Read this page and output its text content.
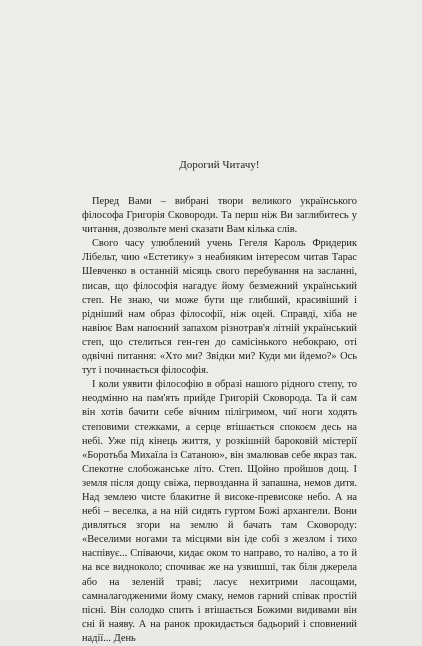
Дорогий Читачу!

Перед Вами – вибрані твори великого українського філософа Григорія Сковороди. Та перш ніж Ви заглибитесь у читання, дозвольте мені сказати Вам кілька слів.

Свого часу улюблений учень Гегеля Кароль Фридерик Лібельт, чию «Естетику» з неабияким інтересом читав Тарас Шевченко в останній місяць свого перебування на засланні, писав, що філософія нагадує йому безмежний український степ. Не знаю, чи може бути ще глибший, красивіший і рідніший нам образ філософії, ніж оцей. Справді, хіба не навіює Вам напоєний запахом різнотрав'я літній український степ, що стелиться ген-ген до самісінького небокраю, оті одвічні питання: «Хто ми? Звідки ми? Куди ми йдемо?» Ось тут і починається філософія.

І коли уявити філософію в образі нашого рідного степу, то неодмінно на пам'ять прийде Григорій Сковорода. Та й сам він хотів бачити себе вічним пілігримом, чиї ноги ходять степовими стежками, а серце втішається спокоєм десь на небі. Уже під кінець життя, у розкішній бароковій містерії «Боротьба Михаїла із Сатаною», він змалював себе якраз так. Спекотне слобожанське літо. Степ. Щойно пройшов дощ. І земля після дощу свіжа, первозданна й запашна, немов дитя. Над землею чисте блакитне й високе-превисоке небо. А на небі – веселка, а на ній сидять гуртом Божі архангели. Вони дивляться згори на землю й бачать там Сковороду: «Веселими ногами та місцями він іде собі з жезлом і тихо наспівує... Співаючи, кидає оком то направо, то наліво, а то й на все видноколо; спочиває же на узвишші, так біля джерела або на зеленій траві; ласує нехитрими ласощами, самналагодженими йому смаку, немов гарний співак простій пісні. Він солодко спить і втішається Божими видивами він сні й наяву. А на ранок прокидається бадьорий і сповнений надії... День
